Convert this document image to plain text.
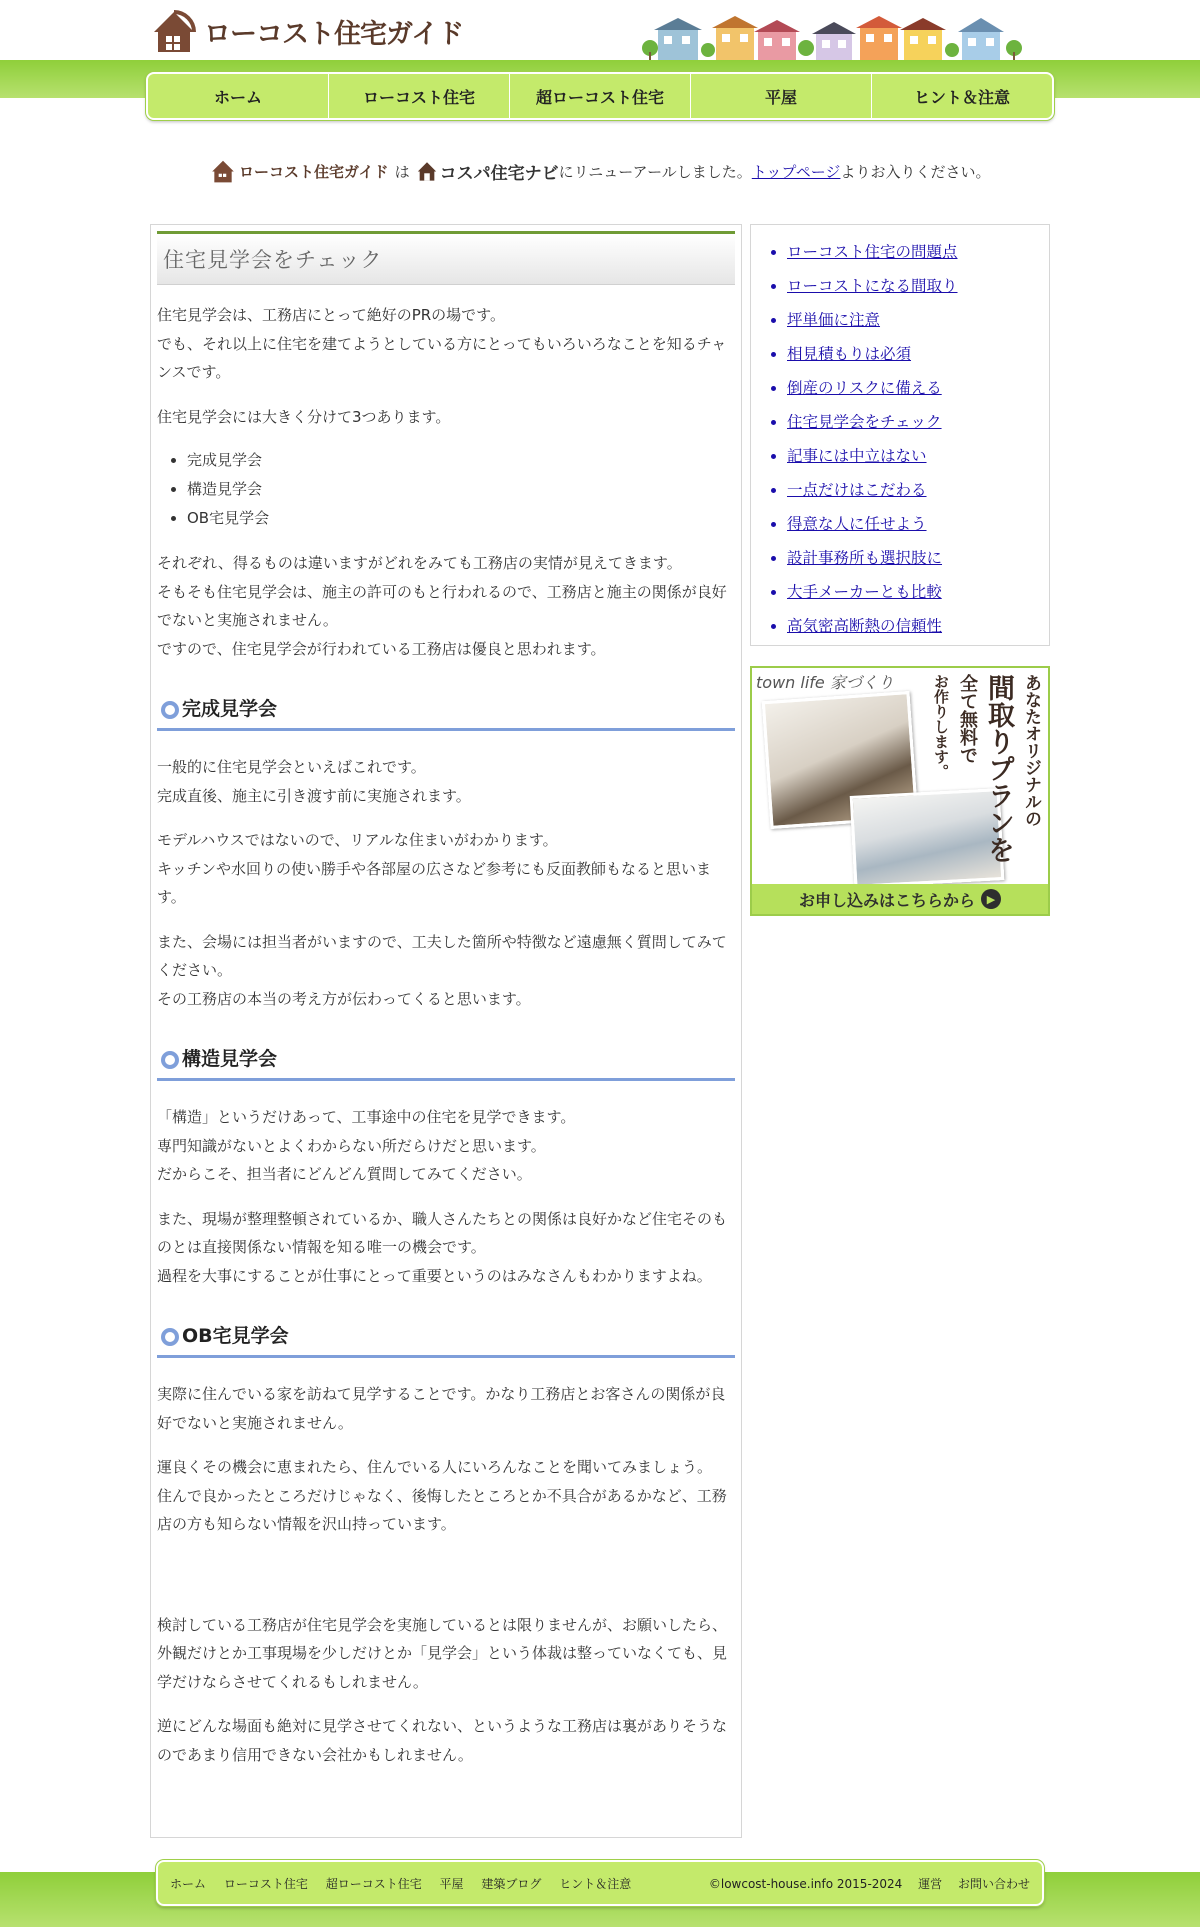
ローコスト住宅ガイド
ホーム	ローコスト住宅	超ローコスト住宅	平屋	ヒント＆注意
ローコスト住宅ガイド は コスパ住宅ナビ にリニューアールしました。 トップページ よりお入りください。
住宅見学会をチェック

住宅見学会は、工務店にとって絶好のPRの場です。
でも、それ以上に住宅を建てようとしている方にとってもいろいろなことを知るチャンスです。

住宅見学会には大きく分けて3つあります。

• 完成見学会
• 構造見学会
• OB宅見学会

それぞれ、得るものは違いますがどれをみても工務店の実情が見えてきます。
そもそも住宅見学会は、施主の許可のもと行われるので、工務店と施主の関係が良好でないと実施されません。
ですので、住宅見学会が行われている工務店は優良と思われます。

完成見学会

一般的に住宅見学会といえばこれです。
完成直後、施主に引き渡す前に実施されます。

モデルハウスではないので、リアルな住まいがわかります。
キッチンや水回りの使い勝手や各部屋の広さなど参考にも反面教師もなると思います。

また、会場には担当者がいますので、工夫した箇所や特徴など遠慮無く質問してみてください。
その工務店の本当の考え方が伝わってくると思います。

構造見学会

「構造」というだけあって、工事途中の住宅を見学できます。
専門知識がないとよくわからない所だらけだと思います。
だからこそ、担当者にどんどん質問してみてください。

また、現場が整理整頓されているか、職人さんたちとの関係は良好かなど住宅そのものとは直接関係ない情報を知る唯一の機会です。
過程を大事にすることが仕事にとって重要というのはみなさんもわかりますよね。

OB宅見学会

実際に住んでいる家を訪ねて見学することです。かなり工務店とお客さんの関係が良好でないと実施されません。

運良くその機会に恵まれたら、住んでいる人にいろんなことを聞いてみましょう。
住んで良かったところだけじゃなく、後悔したところとか不具合があるかなど、工務店の方も知らない情報を沢山持っています。

検討している工務店が住宅見学会を実施しているとは限りませんが、お願いしたら、外観だけとか工事現場を少しだけとか「見学会」という体裁は整っていなくても、見学だけならさせてくれるもしれません。

逆にどんな場面も絶対に見学させてくれない、というような工務店は裏がありそうなのであまり信用できない会社かもしれません。

• ローコスト住宅の問題点
• ローコストになる間取り
• 坪単価に注意
• 相見積もりは必須
• 倒産のリスクに備える
• 住宅見学会をチェック
• 記事には中立はない
• 一点だけはこだわる
• 得意な人に任せよう
• 設計事務所も選択肢に
• 大手メーカーとも比較
• 高気密高断熱の信頼性
town life 家づくり	あなたオリジナルの
間取りプランを
全て無料で
お作りします。
お申し込みはこちらから	▶
ホーム ローコスト住宅 超ローコスト住宅 平屋 建築ブログ ヒント＆注意	©lowcost-house.info 2015-2024 運営 お問い合わせ
